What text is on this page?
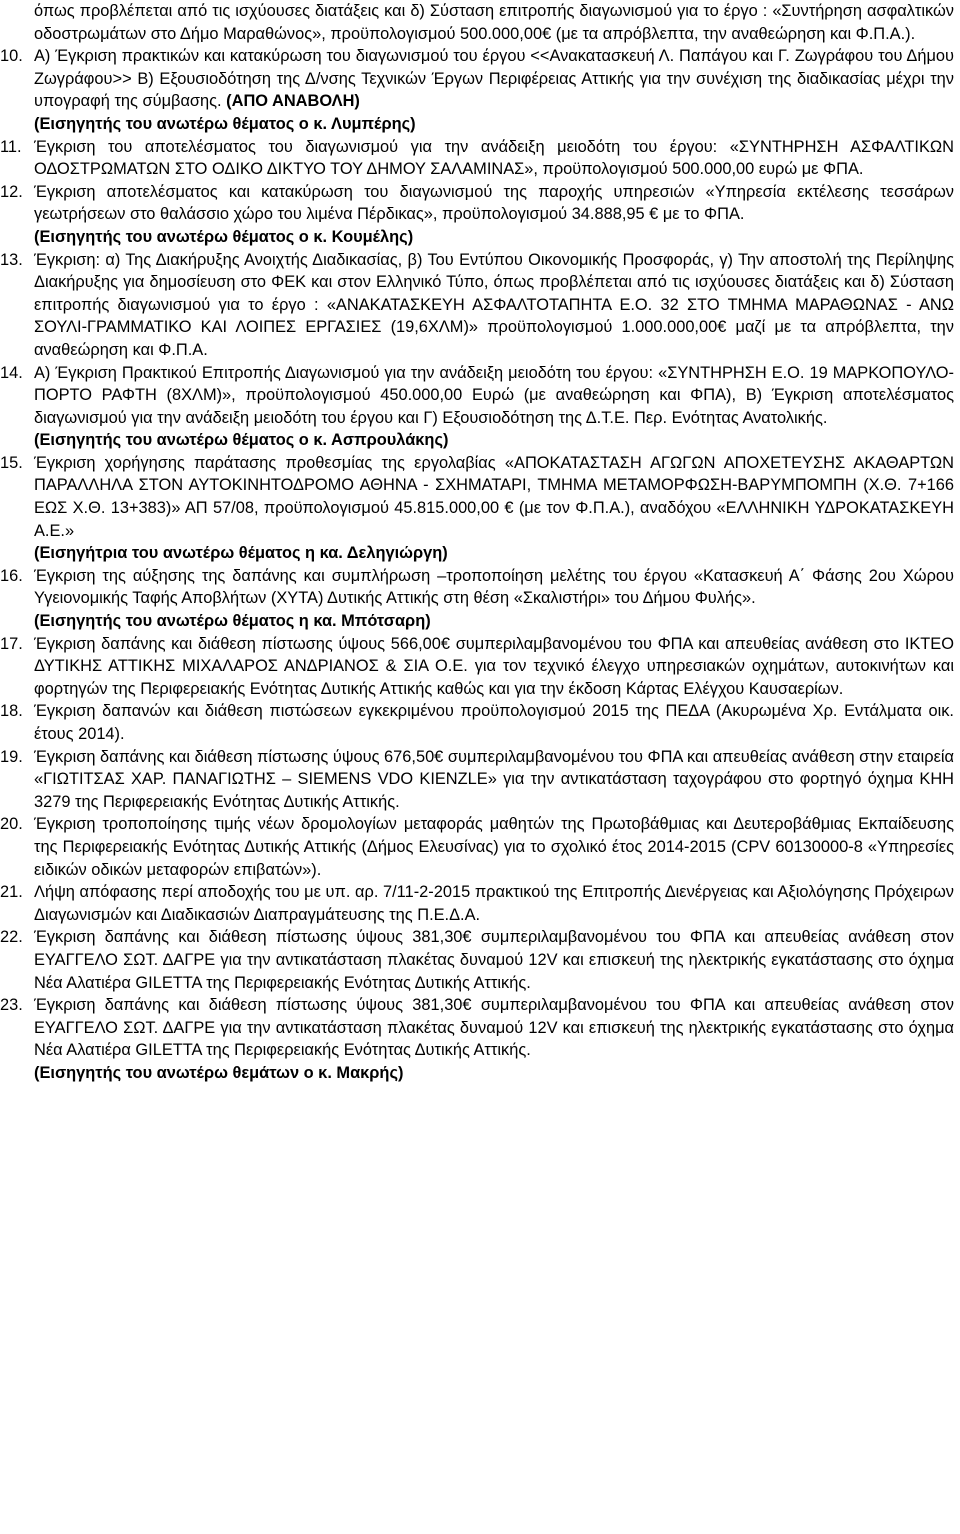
όπως προβλέπεται από τις ισχύουσες διατάξεις και δ) Σύσταση επιτροπής διαγωνισμού για το έργο : «Συντήρηση ασφαλτικών οδοστρωμάτων στο Δήμο Μαραθώνος», προϋπολογισμού 500.000,00€ (με τα απρόβλεπτα, την αναθεώρηση και Φ.Π.Α.).
10. Α) Έγκριση πρακτικών και κατακύρωση του διαγωνισμού του έργου <<Ανακατασκευή Λ. Παπάγου και Γ. Ζωγράφου του Δήμου Ζωγράφου>> Β) Εξουσιοδότηση της Δ/νσης Τεχνικών Έργων Περιφέρειας Αττικής για την συνέχιση της διαδικασίας μέχρι την υπογραφή της σύμβασης. (ΑΠΟ ΑΝΑΒΟΛΗ)
(Εισηγητής του ανωτέρω θέματος ο κ. Λυμπέρης)
11. Έγκριση του αποτελέσματος του διαγωνισμού για την ανάδειξη μειοδότη του έργου: «ΣΥΝΤΗΡΗΣΗ ΑΣΦΑΛΤΙΚΩΝ ΟΔΟΣΤΡΩΜΑΤΩΝ ΣΤΟ ΟΔΙΚΟ ΔΙΚΤΥΟ ΤΟΥ ΔΗΜΟΥ ΣΑΛΑΜΙΝΑΣ», προϋπολογισμού 500.000,00 ευρώ με ΦΠΑ.
12. Έγκριση αποτελέσματος και κατακύρωση του διαγωνισμού της παροχής υπηρεσιών «Υπηρεσία εκτέλεσης τεσσάρων γεωτρήσεων στο θαλάσσιο χώρο του λιμένα Πέρδικας», προϋπολογισμού 34.888,95 € με το ΦΠΑ.
(Εισηγητής του ανωτέρω θέματος ο κ. Κουμέλης)
13. Έγκριση: α) Της Διακήρυξης Ανοιχτής Διαδικασίας, β) Του Εντύπου Οικονομικής Προσφοράς, γ) Την αποστολή της Περίληψης Διακήρυξης για δημοσίευση στο ΦΕΚ και στον Ελληνικό Τύπο, όπως προβλέπεται από τις ισχύουσες διατάξεις και δ) Σύσταση επιτροπής διαγωνισμού για το έργο : «ΑΝΑΚΑΤΑΣΚΕΥΗ ΑΣΦΑΛΤΟΤΑΠΗΤΑ Ε.Ο. 32 ΣΤΟ ΤΜΗΜΑ ΜΑΡΑΘΩΝΑΣ - ΑΝΩ ΣΟΥΛΙ-ΓΡΑΜΜΑΤΙΚΟ ΚΑΙ ΛΟΙΠΕΣ ΕΡΓΑΣΙΕΣ (19,6ΧΛΜ)» προϋπολογισμού 1.000.000,00€ μαζί με τα απρόβλεπτα, την αναθεώρηση και Φ.Π.Α.
14. Α) Έγκριση Πρακτικού Επιτροπής Διαγωνισμού για την ανάδειξη μειοδότη του έργου: «ΣΥΝΤΗΡΗΣΗ Ε.Ο. 19 ΜΑΡΚΟΠΟΥΛΟ-ΠΟΡΤΟ ΡΑΦΤΗ (8ΧΛΜ)», προϋπολογισμού 450.000,00 Ευρώ (με αναθεώρηση και ΦΠΑ), Β) Έγκριση αποτελέσματος διαγωνισμού για την ανάδειξη μειοδότη του έργου και Γ) Εξουσιοδότηση της Δ.Τ.Ε. Περ. Ενότητας Ανατολικής.
(Εισηγητής του ανωτέρω θέματος ο κ. Ασπρουλάκης)
15. Έγκριση χορήγησης παράτασης προθεσμίας της εργολαβίας «ΑΠΟΚΑΤΑΣΤΑΣΗ ΑΓΩΓΩΝ ΑΠΟΧΕΤΕΥΣΗΣ ΑΚΑΘΑΡΤΩΝ ΠΑΡΑΛΛΗΛΑ ΣΤΟΝ ΑΥΤΟΚΙΝΗΤΟΔΡΟΜΟ ΑΘΗΝΑ - ΣΧΗΜΑΤΑΡΙ, ΤΜΗΜΑ ΜΕΤΑΜΟΡΦΩΣΗ-ΒΑΡΥΜΠΟΜΠΗ (Χ.Θ. 7+166 ΕΩΣ Χ.Θ. 13+383)» ΑΠ 57/08, προϋπολογισμού 45.815.000,00 € (με τον Φ.Π.Α.), αναδόχου «ΕΛΛΗΝΙΚΗ ΥΔΡΟΚΑΤΑΣΚΕΥΗ Α.Ε.»
(Εισηγήτρια του ανωτέρω θέματος η κα. Δεληγιώργη)
16. Έγκριση της αύξησης της δαπάνης και συμπλήρωση –τροποποίηση μελέτης του έργου «Κατασκευή Α΄ Φάσης 2ου Χώρου Υγειονομικής Ταφής Αποβλήτων (ΧΥΤΑ) Δυτικής Αττικής στη θέση «Σκαλιστήρι» του Δήμου Φυλής».
(Εισηγητής του ανωτέρω θέματος η κα. Μπότσαρη)
17. Έγκριση δαπάνης και διάθεση πίστωσης ύψους 566,00€ συμπεριλαμβανομένου του ΦΠΑ και απευθείας ανάθεση στο ΙΚΤΕΟ ΔΥΤΙΚΗΣ ΑΤΤΙΚΗΣ ΜΙΧΑΛΑΡΟΣ ΑΝΔΡΙΑΝΟΣ & ΣΙΑ Ο.Ε. για τον τεχνικό έλεγχο υπηρεσιακών οχημάτων, αυτοκινήτων και φορτηγών της Περιφερειακής Ενότητας Δυτικής Αττικής καθώς και για την έκδοση Κάρτας Ελέγχου Καυσαερίων.
18. Έγκριση δαπανών και διάθεση πιστώσεων εγκεκριμένου προϋπολογισμού 2015 της ΠΕΔΑ (Ακυρωμένα Χρ. Εντάλματα οικ. έτους 2014).
19. Έγκριση δαπάνης και διάθεση πίστωσης ύψους 676,50€ συμπεριλαμβανομένου του ΦΠΑ και απευθείας ανάθεση στην εταιρεία «ΓΙΩΤΙΤΣΑΣ ΧΑΡ. ΠΑΝΑΓΙΩΤΗΣ – SIEMENS VDO KIENZLE» για την αντικατάσταση ταχογράφου στο φορτηγό όχημα ΚΗΗ 3279 της Περιφερειακής Ενότητας Δυτικής Αττικής.
20. Έγκριση τροποποίησης τιμής νέων δρομολογίων μεταφοράς μαθητών της Πρωτοβάθμιας και Δευτεροβάθμιας Εκπαίδευσης της Περιφερειακής Ενότητας Δυτικής Αττικής (Δήμος Ελευσίνας) για το σχολικό έτος 2014-2015 (CPV 60130000-8 «Υπηρεσίες ειδικών οδικών μεταφορών επιβατών»).
21. Λήψη απόφασης περί αποδοχής του με υπ. αρ. 7/11-2-2015 πρακτικού της Επιτροπής Διενέργειας και Αξιολόγησης Πρόχειρων Διαγωνισμών και Διαδικασιών Διαπραγμάτευσης της Π.Ε.Δ.Α.
22. Έγκριση δαπάνης και διάθεση πίστωσης ύψους 381,30€ συμπεριλαμβανομένου του ΦΠΑ και απευθείας ανάθεση στον ΕΥΑΓΓΕΛΟ ΣΩΤ. ΔΑΓΡΕ για την αντικατάσταση πλακέτας δυναμού 12V και επισκευή της ηλεκτρικής εγκατάστασης στο όχημα Νέα Αλατιέρα GILETTA της Περιφερειακής Ενότητας Δυτικής Αττικής.
23. Έγκριση δαπάνης και διάθεση πίστωσης ύψους 381,30€ συμπεριλαμβανομένου του ΦΠΑ και απευθείας ανάθεση στον ΕΥΑΓΓΕΛΟ ΣΩΤ. ΔΑΓΡΕ για την αντικατάσταση πλακέτας δυναμού 12V και επισκευή της ηλεκτρικής εγκατάστασης στο όχημα Νέα Αλατιέρα GILETTA της Περιφερειακής Ενότητας Δυτικής Αττικής.
(Εισηγητής του ανωτέρω θεμάτων ο κ. Μακρής)
